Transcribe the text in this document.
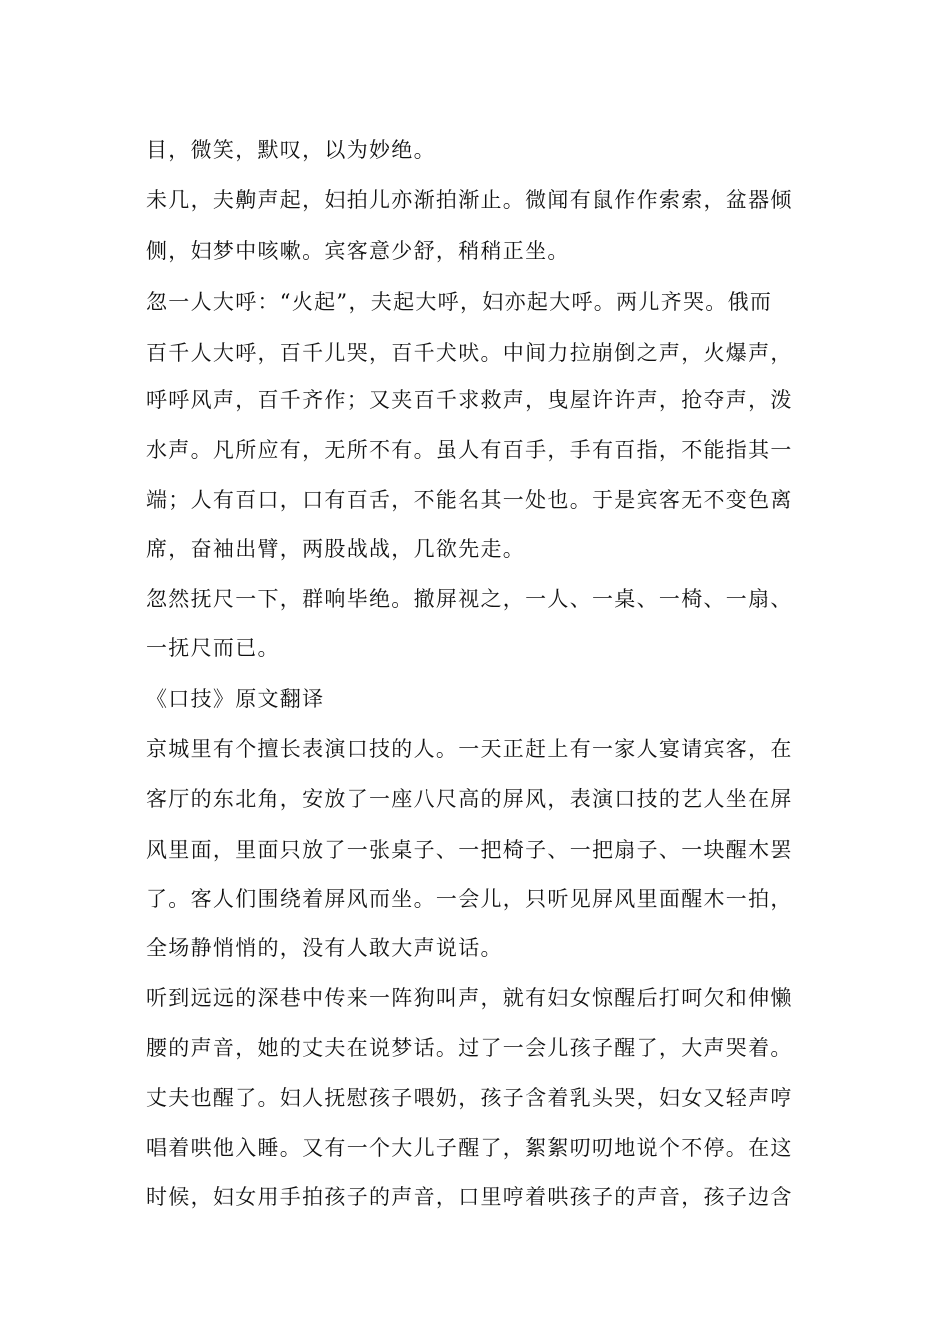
目，微笑，默叹，以为妙绝。
未几，夫齁声起，妇拍儿亦渐拍渐止。微闻有鼠作作索索，盆器倾
侧，妇梦中咳嗽。宾客意少舒，稍稍正坐。
忽一人大呼：“火起”，夫起大呼，妇亦起大呼。两儿齐哭。俄而
百千人大呼，百千儿哭，百千犬吠。中间力拉崩倒之声，火爆声，
呼呼风声，百千齐作；又夹百千求救声，曳屋许许声，抢夺声，泼
水声。凡所应有，无所不有。虽人有百手，手有百指，不能指其一
端；人有百口，口有百舌，不能名其一处也。于是宾客无不变色离
席，奋袖出臂，两股战战，几欲先走。
忽然抚尺一下，群响毕绝。撤屏视之，一人、一桌、一椅、一扇、
一抚尺而已。
《口技》原文翻译
京城里有个擅长表演口技的人。一天正赶上有一家人宴请宾客，在
客厅的东北角，安放了一座八尺高的屏风，表演口技的艺人坐在屏
风里面，里面只放了一张桌子、一把椅子、一把扇子、一块醒木罢
了。客人们围绕着屏风而坐。一会儿，只听见屏风里面醒木一拍，
全场静悄悄的，没有人敢大声说话。
听到远远的深巷中传来一阵狗叫声，就有妇女惊醒后打呵欠和伸懒
腰的声音，她的丈夫在说梦话。过了一会儿孩子醒了，大声哭着。
丈夫也醒了。妇人抚慰孩子喂奶，孩子含着乳头哭，妇女又轻声哼
唱着哄他入睡。又有一个大儿子醒了，絮絮叨叨地说个不停。在这
时候，妇女用手拍孩子的声音，口里哼着哄孩子的声音，孩子边含
